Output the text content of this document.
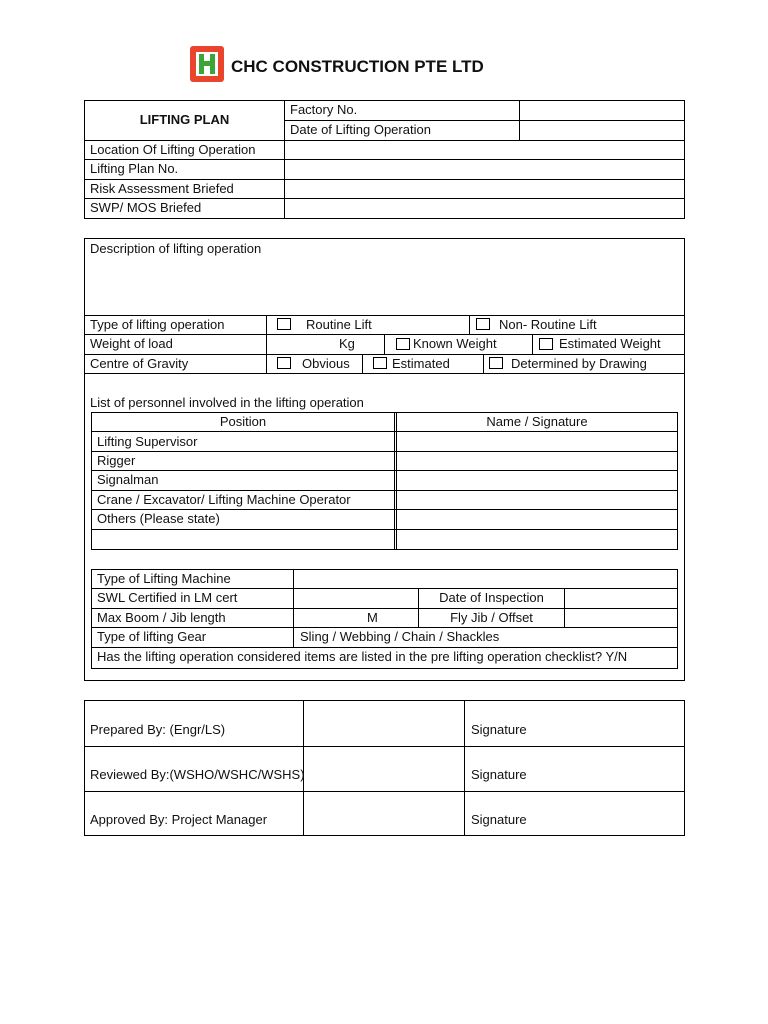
CHC CONSTRUCTION PTE LTD
LIFTING PLAN
Factory No.
Date of Lifting Operation
Location Of Lifting Operation
Lifting Plan No.
Risk Assessment Briefed
SWP/ MOS Briefed
Description of lifting operation
Type of lifting operation	Routine Lift	Non- Routine Lift
Weight of load	Kg	Known Weight	Estimated Weight
Centre of Gravity	Obvious	Estimated	Determined by Drawing
List of personnel involved in the lifting operation
Position	Name / Signature
Lifting Supervisor
Rigger
Signalman
Crane / Excavator/ Lifting Machine Operator
Others (Please state)
Type of Lifting Machine
SWL Certified in LM cert	Date of Inspection
Max Boom / Jib length	M	Fly Jib / Offset
Type of lifting Gear	Sling / Webbing / Chain / Shackles
Has the lifting operation considered items are listed in the pre lifting operation checklist? Y/N
Prepared By: (Engr/LS)	Signature
Reviewed By:(WSHO/WSHC/WSHS)	Signature
Approved By: Project Manager	Signature
